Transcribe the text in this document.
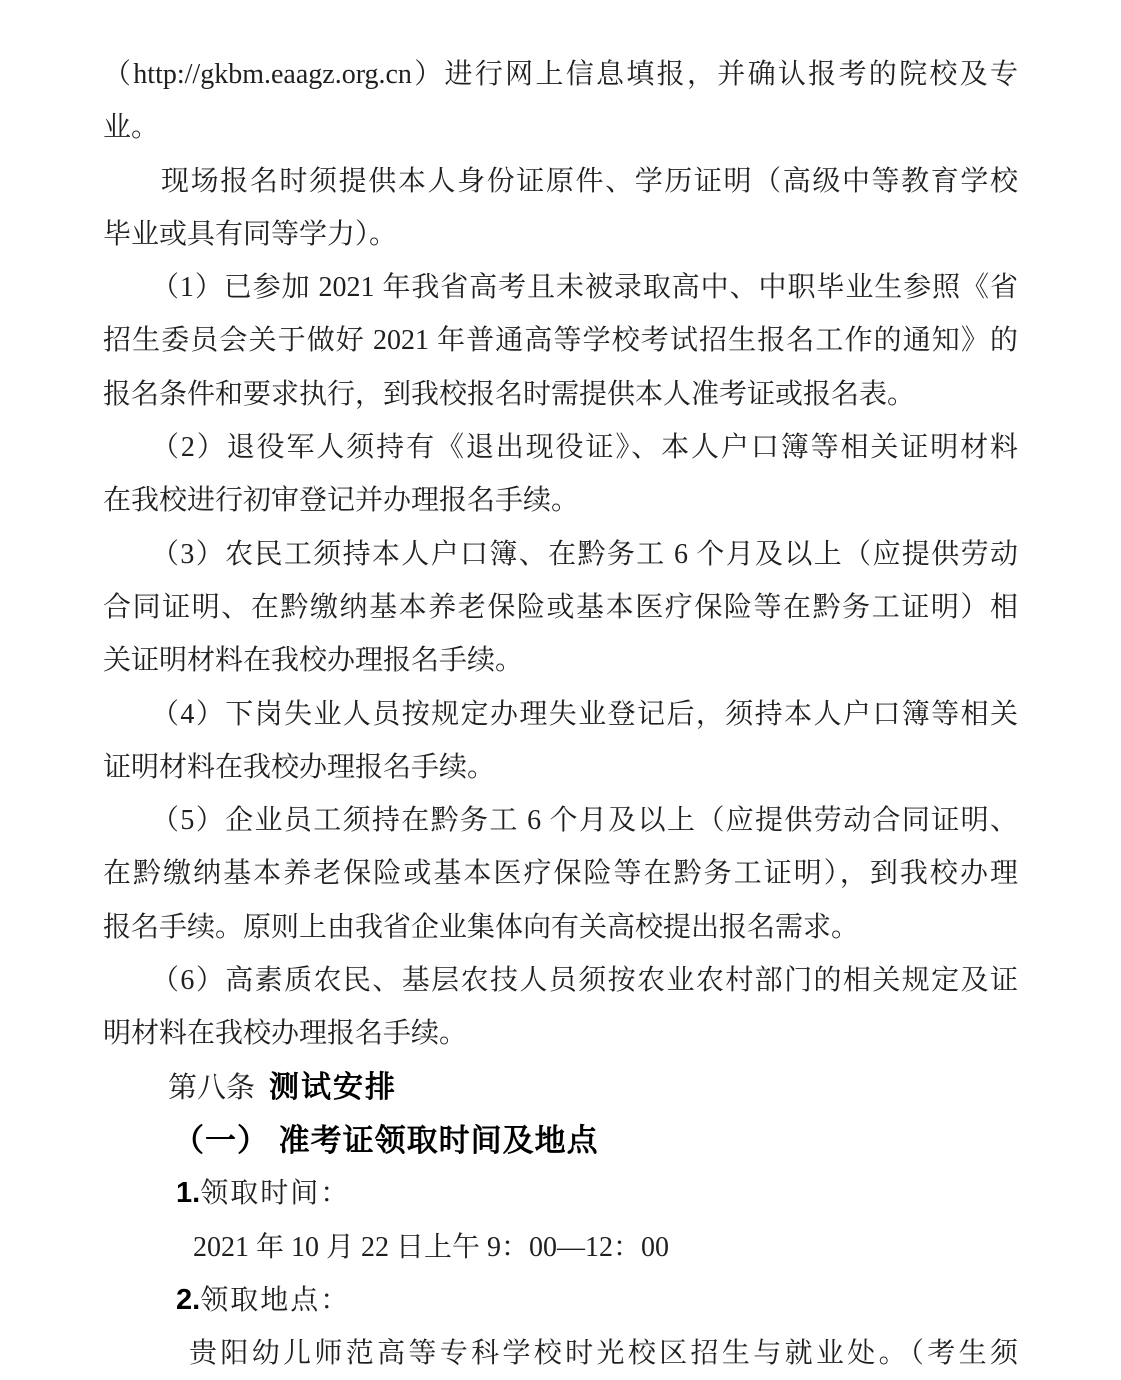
（http://gkbm.eaagz.org.cn）进行网上信息填报，并确认报考的院校及专
业。
现场报名时须提供本人身份证原件、学历证明（高级中等教育学校
毕业或具有同等学力）。
（1）已参加 2021 年我省高考且未被录取高中、中职毕业生参照《省
招生委员会关于做好 2021 年普通高等学校考试招生报名工作的通知》的
报名条件和要求执行，到我校报名时需提供本人准考证或报名表。
（2）退役军人须持有《退出现役证》、本人户口簿等相关证明材料
在我校进行初审登记并办理报名手续。
（3）农民工须持本人户口簿、在黔务工 6 个月及以上（应提供劳动
合同证明、在黔缴纳基本养老保险或基本医疗保险等在黔务工证明）相
关证明材料在我校办理报名手续。
（4）下岗失业人员按规定办理失业登记后，须持本人户口簿等相关
证明材料在我校办理报名手续。
（5）企业员工须持在黔务工 6 个月及以上（应提供劳动合同证明、
在黔缴纳基本养老保险或基本医疗保险等在黔务工证明），到我校办理
报名手续。原则上由我省企业集体向有关高校提出报名需求。
（6）高素质农民、基层农技人员须按农业农村部门的相关规定及证
明材料在我校办理报名手续。
第八条 测试安排
（一） 准考证领取时间及地点
1.领取时间：
2021 年 10 月 22 日上午 9：00—12：00
2.领取地点：
贵阳幼儿师范高等专科学校时光校区招生与就业处。（考生须
